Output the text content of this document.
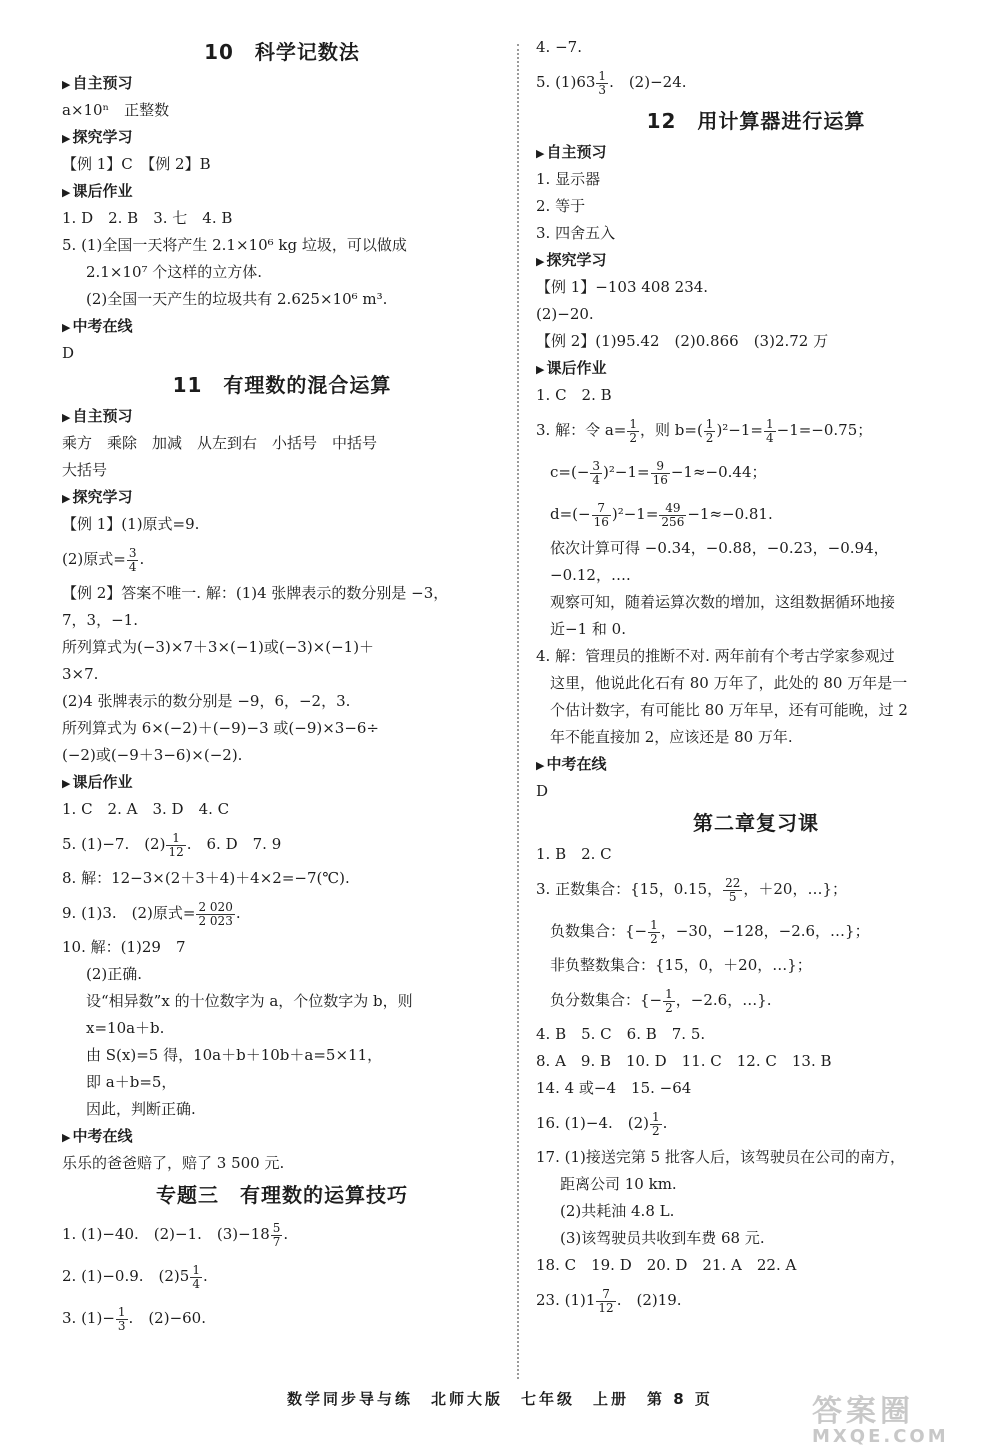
10　科学记数法
▶ 自主预习
a×10ⁿ　正整数
▶ 探究学习
【例 1】C　【例 2】B
▶ 课后作业
1. D　2. B　3. 七　4. B
5. (1)全国一天将产生 2.1×10⁶ kg 垃圾，可以做成
2.1×10⁷ 个这样的立方体.
(2)全国一天产生的垃圾共有 2.625×10⁶ m³.
▶ 中考在线
D
11　有理数的混合运算
▶ 自主预习
乘方　乘除　加减　从左到右　小括号　中括号
大括号
▶ 探究学习
【例 1】(1)原式=9.
(2)原式= $\frac{3}{4}$ .
【例 2】答案不唯一. 解：(1)4 张牌表示的数分别是 −3，
7，3，−1.
所列算式为(−3)×7＋3×(−1)或(−3)×(−1)＋
3×7.
(2)4 张牌表示的数分别是 −9，6，−2，3.
所列算式为 6×(−2)＋(−9)−3 或(−9)×3−6÷
(−2)或(−9＋3−6)×(−2).
▶ 课后作业
1. C　2. A　3. D　4. C
5. (1)−7.　$(2) \frac{1}{12}$ .　6. D　7. 9
8. 解：12−3×(2＋3＋4)＋4×2=−7(℃).
9. (1)3.　(2)原式= $\frac{2 020}{2 023}$ .
10. 解：(1)29　7
(2)正确.
设“相异数”x 的十位数字为 a，个位数字为 b，则
x=10a＋b.
由 S(x)=5 得，10a＋b＋10b＋a=5×11，
即 a＋b=5，
因此，判断正确.
▶ 中考在线
乐乐的爸爸赔了，赔了 3 500 元.
专题三　有理数的运算技巧
1. (1)−40.　(2)−1.　$(3)-18 \frac{5}{7}$ .
2. (1)−0.9.　$(2)5 \frac{1}{4}$ .
3. $(1)- \frac{1}{3}$ .　(2)−60.
4. −7.
5. $(1)63 \frac{1}{3}$ .　(2)−24.
12　用计算器进行运算
▶ 自主预习
1. 显示器
2. 等于
3. 四舍五入
▶ 探究学习
【例 1】−103 408 234.
(2)−20.
【例 2】(1)95.42　(2)0.866　(3)2.72 万
▶ 课后作业
1. C　2. B
3. 解：令 $a= \frac{1}{2}$ ，则 $b=( \frac{1}{2} )^2-1= \frac{1}{4} -1=-0.75$；
$c=(- \frac{3}{4} )^2-1= \frac{9}{16} -1\approx-0.44$；
$d=(- \frac{7}{16} )^2-1= \frac{49}{256} -1\approx-0.81$.
依次计算可得 −0.34，−0.88，−0.23，−0.94，
−0.12，….
观察可知，随着运算次数的增加，这组数据循环地接
近−1 和 0.
4. 解：管理员的推断不对. 两年前有个考古学家参观过
这里，他说此化石有 80 万年了，此处的 80 万年是一
个估计数字，有可能比 80 万年早，还有可能晚，过 2
年不能直接加 2，应该还是 80 万年.
▶ 中考在线
D
第二章复习课
1. B　2. C
3. 正数集合：{15，0.15， $\frac{22}{5}$ ，＋20，…}；
负数集合：{− $\frac{1}{2}$ ，−30，−128，−2.6，…}；
非负整数集合：{15，0，＋20，…}；
负分数集合：{− $\frac{1}{2}$ ，−2.6，…}.
4. B　5. C　6. B　7. 5.
8. A　9. B　10. D　11. C　12. C　13. B
14. 4 或−4　15. −64
16. (1)−4.　$(2) \frac{1}{2}$ .
17. (1)接送完第 5 批客人后，该驾驶员在公司的南方，
距离公司 10 km.
(2)共耗油 4.8 L.
(3)该驾驶员共收到车费 68 元.
18. C　19. D　20. D　21. A　22. A
23. $(1)1 \frac{7}{12}$ .　(2)19.
数学同步导与练　北师大版　七年级　上册　第 8 页	答案圈
MXQE.COM
